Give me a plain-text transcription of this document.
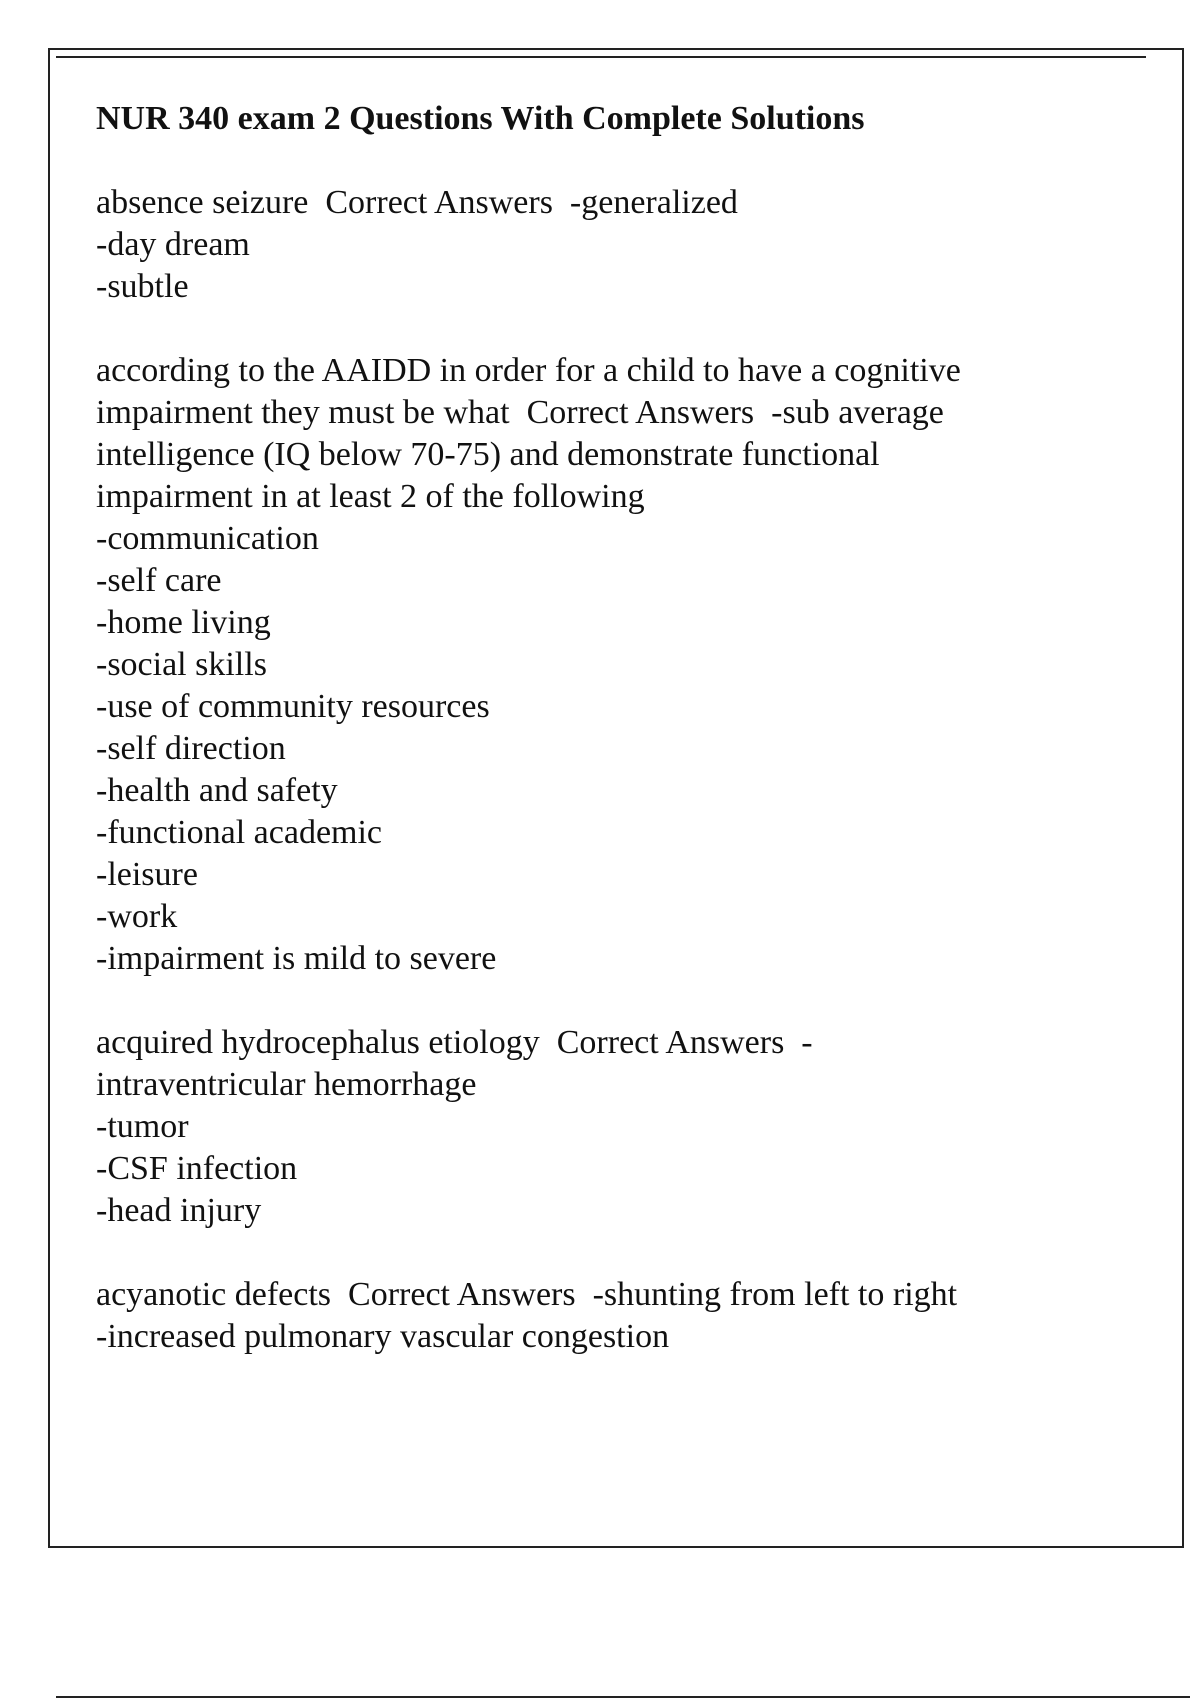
NUR 340 exam 2 Questions With Complete Solutions
absence seizure  Correct Answers  -generalized
-day dream
-subtle
according to the AAIDD in order for a child to have a cognitive
impairment they must be what  Correct Answers  -sub average
intelligence (IQ below 70-75) and demonstrate functional
impairment in at least 2 of the following
-communication
-self care
-home living
-social skills
-use of community resources
-self direction
-health and safety
-functional academic
-leisure
-work
-impairment is mild to severe
acquired hydrocephalus etiology  Correct Answers  -
intraventricular hemorrhage
-tumor
-CSF infection
-head injury
acyanotic defects  Correct Answers  -shunting from left to right
-increased pulmonary vascular congestion
